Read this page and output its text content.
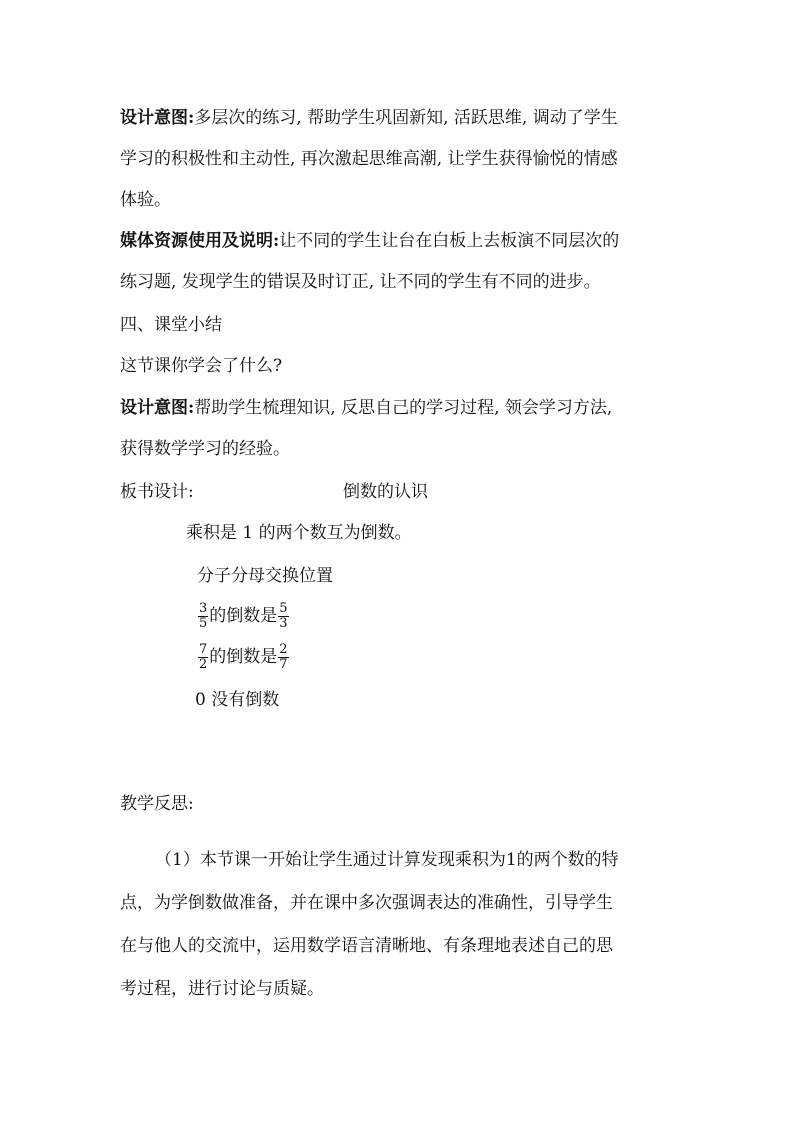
设计意图:多层次的练习, 帮助学生巩固新知, 活跃思维, 调动了学生
学习的积极性和主动性, 再次激起思维高潮, 让学生获得愉悦的情感
体验。
媒体资源使用及说明:让不同的学生让台在白板上去板演不同层次的
练习题, 发现学生的错误及时订正, 让不同的学生有不同的进步。
四、课堂小结
这节课你学会了什么?
设计意图:帮助学生梳理知识, 反思自己的学习过程, 领会学习方法,
获得数学学习的经验。
板书设计:	倒数的认识
乘积是 1 的两个数互为倒数。
分子分母交换位置
$\frac{3}{5}$ 的倒数是 $\frac{5}{3}$
$\frac{7}{2}$ 的倒数是 $\frac{2}{7}$
0 没有倒数
教学反思:
（1）本节课一开始让学生通过计算发现乘积为1的两个数的特
点，为学倒数做准备，并在课中多次强调表达的准确性，引导学生
在与他人的交流中，运用数学语言清晰地、有条理地表述自己的思
考过程，进行讨论与质疑。
